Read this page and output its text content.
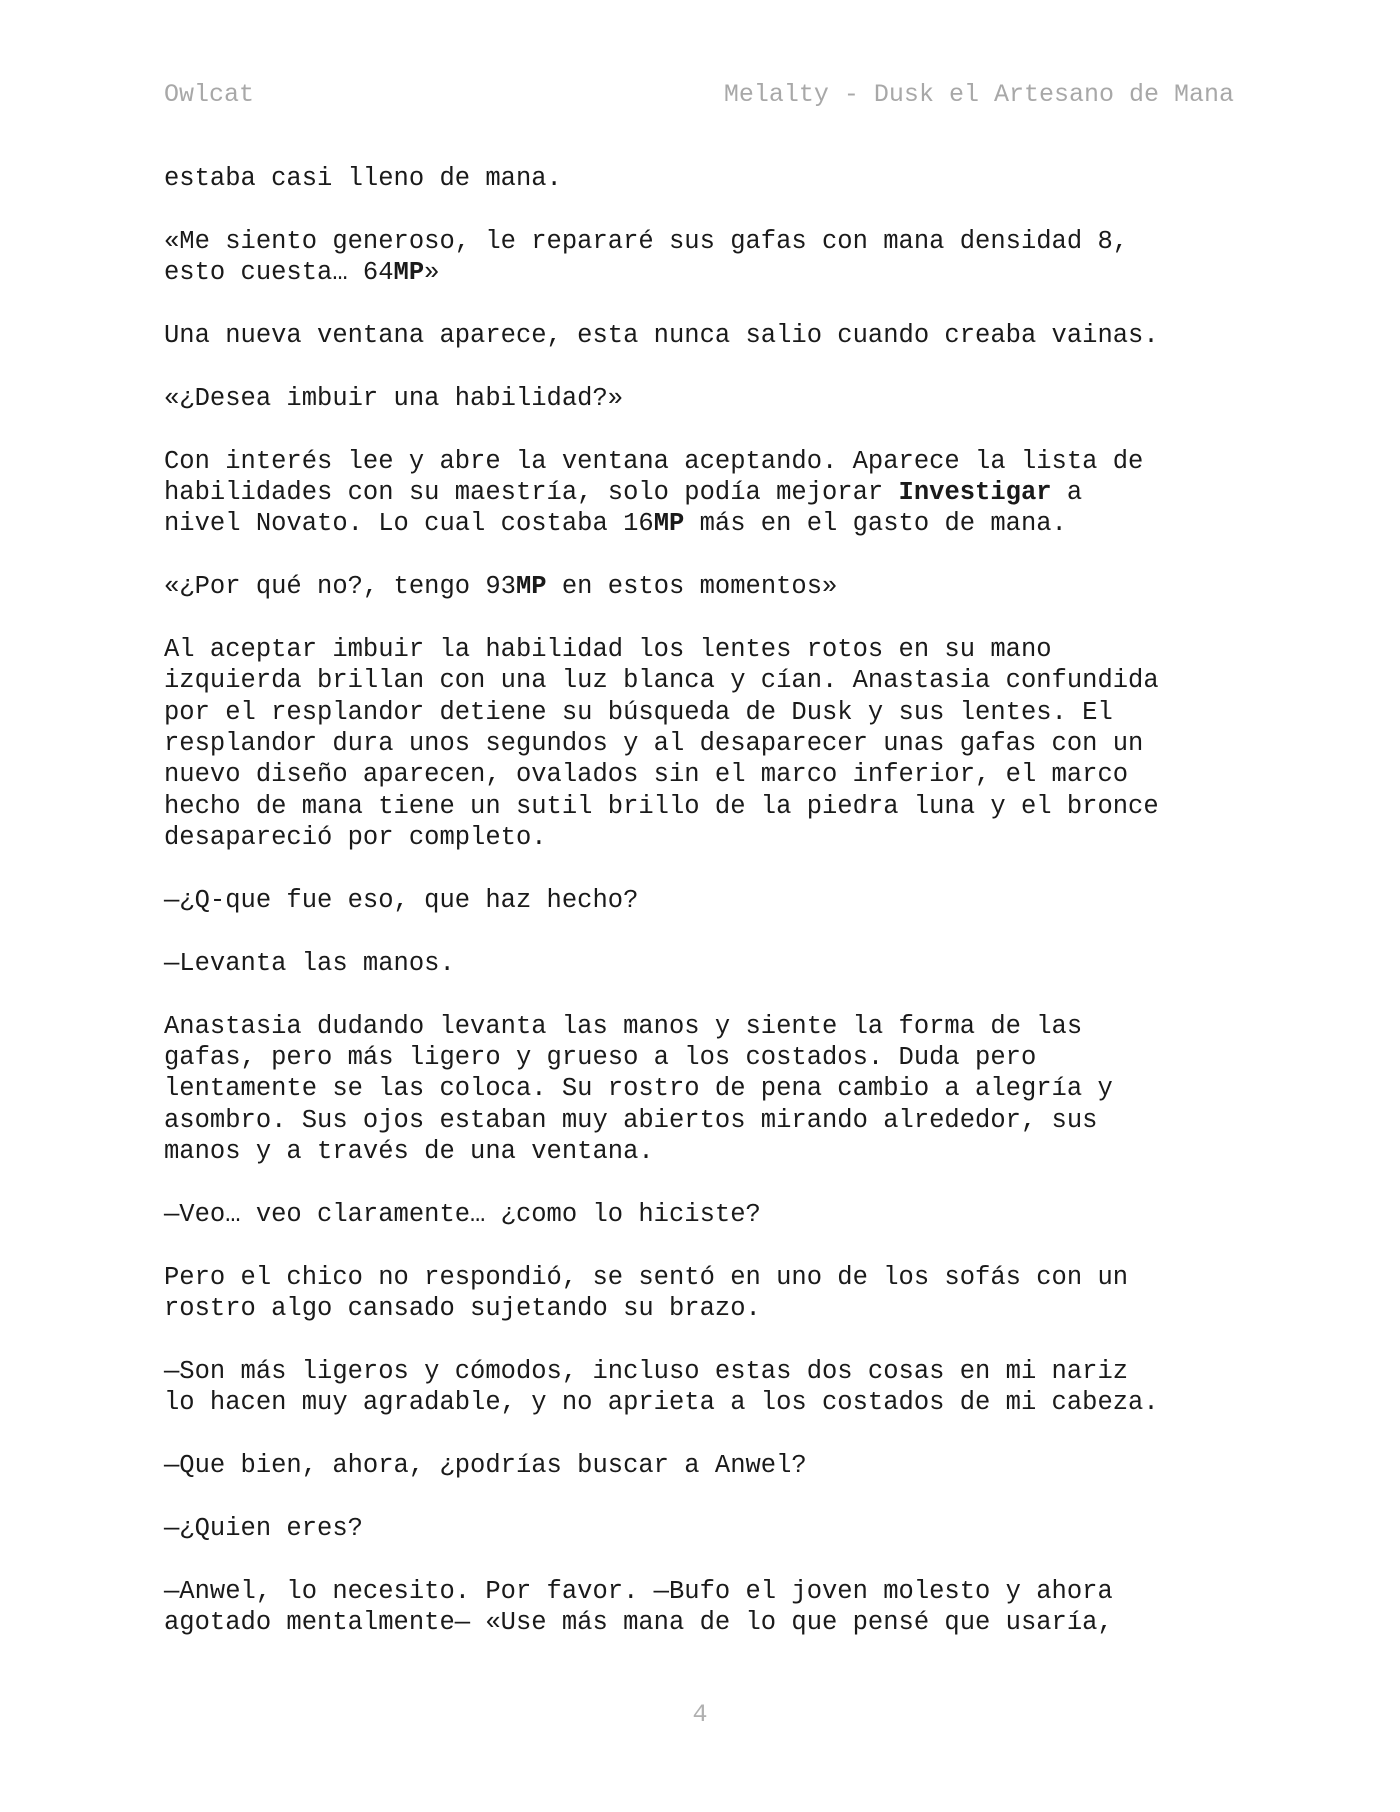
Owlcat	Melalty - Dusk el Artesano de Mana
estaba casi lleno de mana.
«Me siento generoso, le repararé sus gafas con mana densidad 8,
esto cuesta… 64MP»
Una nueva ventana aparece, esta nunca salio cuando creaba vainas.
«¿Desea imbuir una habilidad?»
Con interés lee y abre la ventana aceptando. Aparece la lista de
habilidades con su maestría, solo podía mejorar Investigar a
nivel Novato. Lo cual costaba 16MP más en el gasto de mana.
«¿Por qué no?, tengo 93MP en estos momentos»
Al aceptar imbuir la habilidad los lentes rotos en su mano
izquierda brillan con una luz blanca y cían. Anastasia confundida
por el resplandor detiene su búsqueda de Dusk y sus lentes. El
resplandor dura unos segundos y al desaparecer unas gafas con un
nuevo diseño aparecen, ovalados sin el marco inferior, el marco
hecho de mana tiene un sutil brillo de la piedra luna y el bronce
desapareció por completo.
—¿Q-que fue eso, que haz hecho?
—Levanta las manos.
Anastasia dudando levanta las manos y siente la forma de las
gafas, pero más ligero y grueso a los costados. Duda pero
lentamente se las coloca. Su rostro de pena cambio a alegría y
asombro. Sus ojos estaban muy abiertos mirando alrededor, sus
manos y a través de una ventana.
—Veo… veo claramente… ¿como lo hiciste?
Pero el chico no respondió, se sentó en uno de los sofás con un
rostro algo cansado sujetando su brazo.
—Son más ligeros y cómodos, incluso estas dos cosas en mi nariz
lo hacen muy agradable, y no aprieta a los costados de mi cabeza.
—Que bien, ahora, ¿podrías buscar a Anwel?
—¿Quien eres?
—Anwel, lo necesito. Por favor. —Bufo el joven molesto y ahora
agotado mentalmente— «Use más mana de lo que pensé que usaría,
4
